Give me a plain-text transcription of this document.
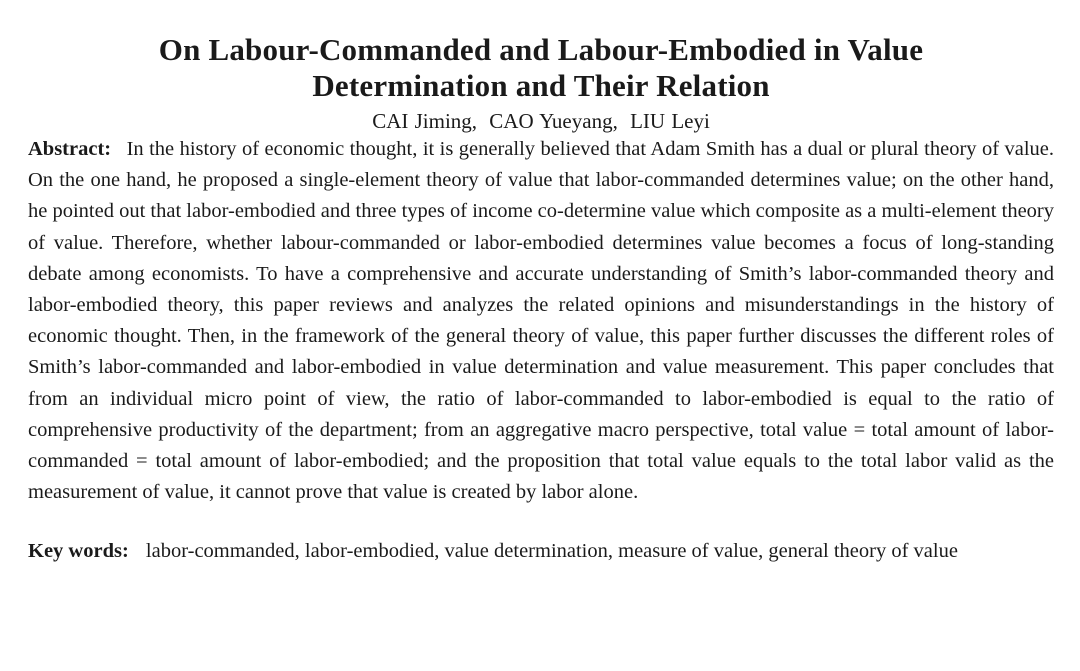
On Labour-Commanded and Labour-Embodied in Value
Determination and Their Relation
CAI Jiming, CAO Yueyang, LIU Leyi
Abstract: In the history of economic thought, it is generally believed that Adam Smith has a dual or plural theory of value. On the one hand, he proposed a single-element theory of value that labor-commanded determines value; on the other hand, he pointed out that labor-embodied and three types of income co-determine value which composite as a multi-element theory of value. Therefore, whether labour-commanded or labor-embodied determines value becomes a focus of long-standing debate among economists. To have a comprehensive and accurate understanding of Smith’s labor-commanded theory and labor-embodied theory, this paper reviews and analyzes the related opinions and misunderstandings in the history of economic thought. Then, in the framework of the general theory of value, this paper further discusses the different roles of Smith’s labor-commanded and labor-embodied in value determination and value measurement. This paper concludes that from an individual micro point of view, the ratio of labor-commanded to labor-embodied is equal to the ratio of comprehensive productivity of the department; from an aggregative macro perspective, total value = total amount of labor-commanded = total amount of labor-embodied; and the proposition that total value equals to the total labor valid as the measurement of value, it cannot prove that value is created by labor alone.
Key words: labor-commanded, labor-embodied, value determination, measure of value, general theory of value
